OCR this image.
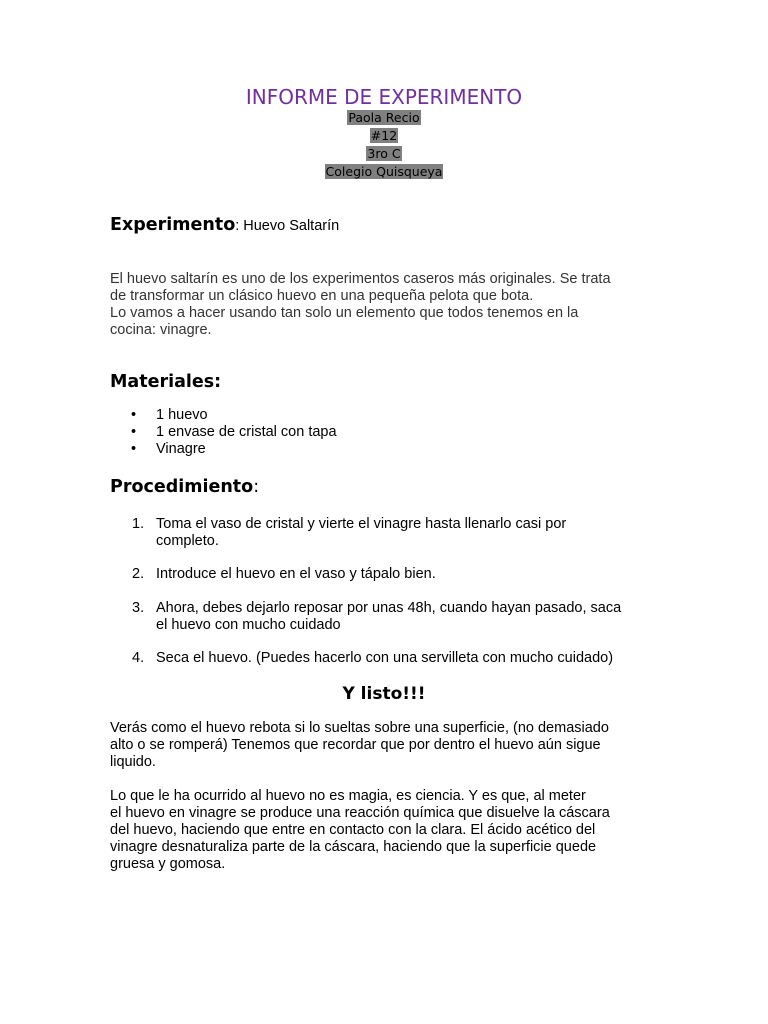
INFORME DE EXPERIMENTO
Paola Recio
#12
3ro C
Colegio Quisqueya
Experimento: Huevo Saltarín
El huevo saltarín es uno de los experimentos caseros más originales. Se trata
de transformar un clásico huevo en una pequeña pelota que bota.
Lo vamos a hacer usando tan solo un elemento que todos tenemos en la
cocina: vinagre.
Materiales:
• 1 huevo
• 1 envase de cristal con tapa
• Vinagre
Procedimiento:
1. Toma el vaso de cristal y vierte el vinagre hasta llenarlo casi por
completo.
2. Introduce el huevo en el vaso y tápalo bien.
3. Ahora, debes dejarlo reposar por unas 48h, cuando hayan pasado, saca
el huevo con mucho cuidado
4. Seca el huevo. (Puedes hacerlo con una servilleta con mucho cuidado)
Y listo!!!
Verás como el huevo rebota si lo sueltas sobre una superficie, (no demasiado
alto o se romperá) Tenemos que recordar que por dentro el huevo aún sigue
liquido.
Lo que le ha ocurrido al huevo no es magia, es ciencia. Y es que, al meter
el huevo en vinagre se produce una reacción química que disuelve la cáscara
del huevo, haciendo que entre en contacto con la clara. El ácido acético del
vinagre desnaturaliza parte de la cáscara, haciendo que la superficie quede
gruesa y gomosa.
